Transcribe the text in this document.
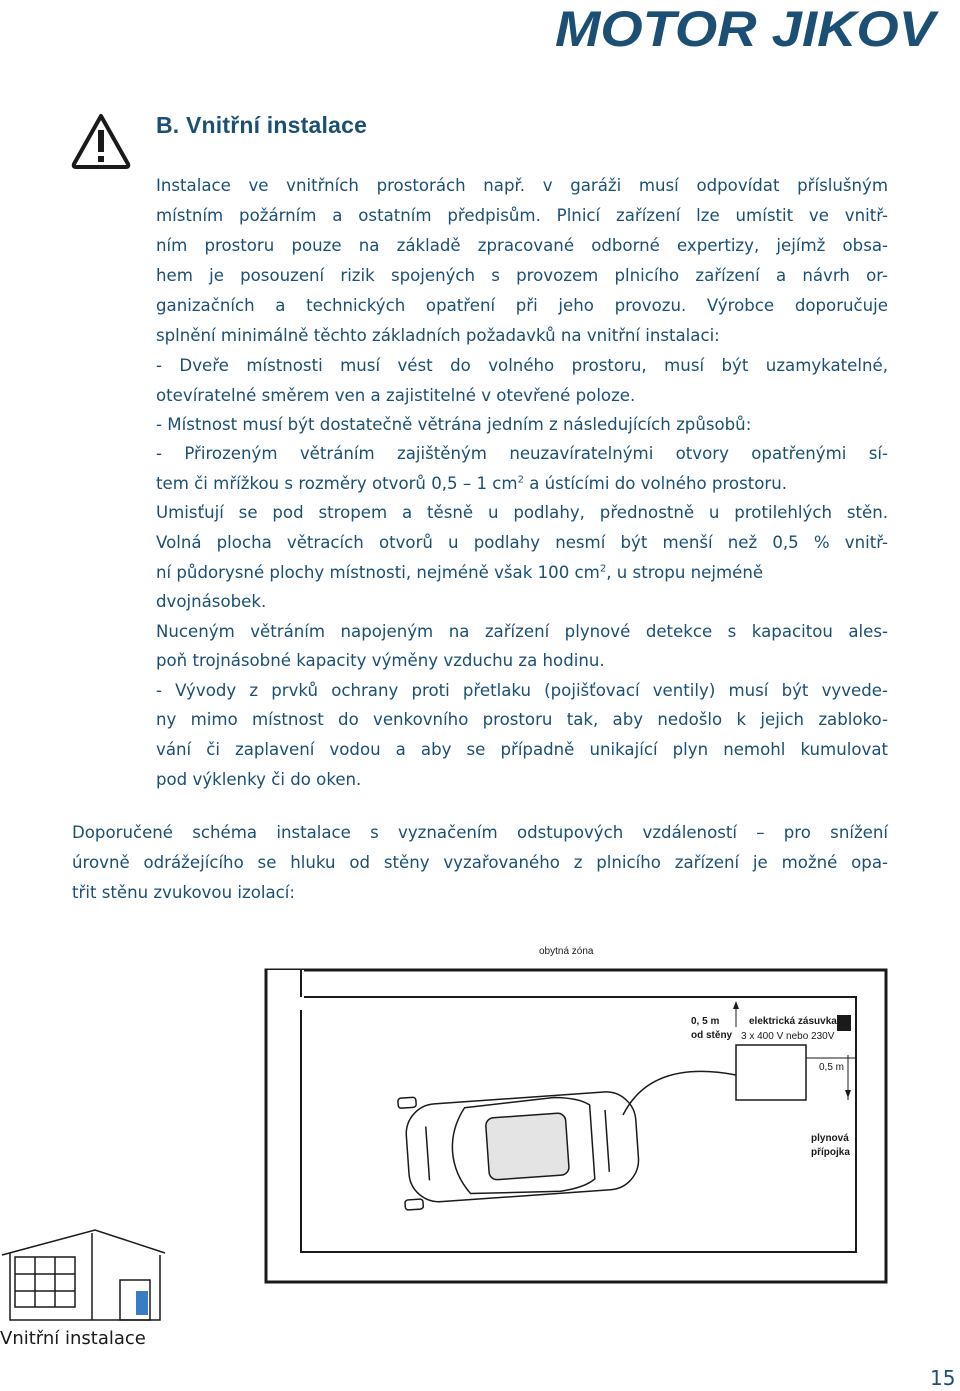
MOTOR JIKOV
B. Vnitřní instalace

Instalace ve vnitřních prostorách např. v garáži musí odpovídat příslušným

místním požárním a ostatním předpisům. Plnicí zařízení lze umístit ve vnitř-

ním prostoru pouze na základě zpracované odborné expertizy, jejímž obsa-

hem je posouzení rizik spojených s provozem plnicího zařízení a návrh or-

ganizačních a technických opatření při jeho provozu. Výrobce doporučuje

splnění minimálně těchto základních požadavků na vnitřní instalaci:

- Dveře místnosti musí vést do volného prostoru, musí být uzamykatelné,

otevíratelné směrem ven a zajistitelné v otevřené poloze.

- Místnost musí být dostatečně větrána jedním z následujících způsobů:

- Přirozeným větráním zajištěným neuzavíratelnými otvory opatřenými sí-

tem či mřížkou s rozměry otvorů 0,5 – 1 $cm^2$ a ústícími do volného prostoru.

Umisťují se pod stropem a těsně u podlahy, přednostně u protilehlých stěn.

Volná plocha větracích otvorů u podlahy nesmí být menší než 0,5 % vnitř-

ní půdorysné plochy místnosti, nejméně však 100 $cm^2$, u stropu nejméně

dvojnásobek.

Nuceným větráním napojeným na zařízení plynové detekce s kapacitou ales-

poň trojnásobné kapacity výměny vzduchu za hodinu.

- Vývody z prvků ochrany proti přetlaku (pojišťovací ventily) musí být vyvede-

ny mimo místnost do venkovního prostoru tak, aby nedošlo k jejich zabloko-

vání či zaplavení vodou a aby se případně unikající plyn nemohl kumulovat

pod výklenky či do oken.

Doporučené schéma instalace s vyznačením odstupových vzdáleností – pro snížení

úrovně odrážejícího se hluku od stěny vyzařovaného z plnicího zařízení je možné opa-

třit stěnu zvukovou izolací:

obytná zóna
0, 5 m
od stěny
elektrická zásuvka
3 x 400 V nebo 230V
0,5 m
plynová
přípojka

Vnitřní instalace

15
